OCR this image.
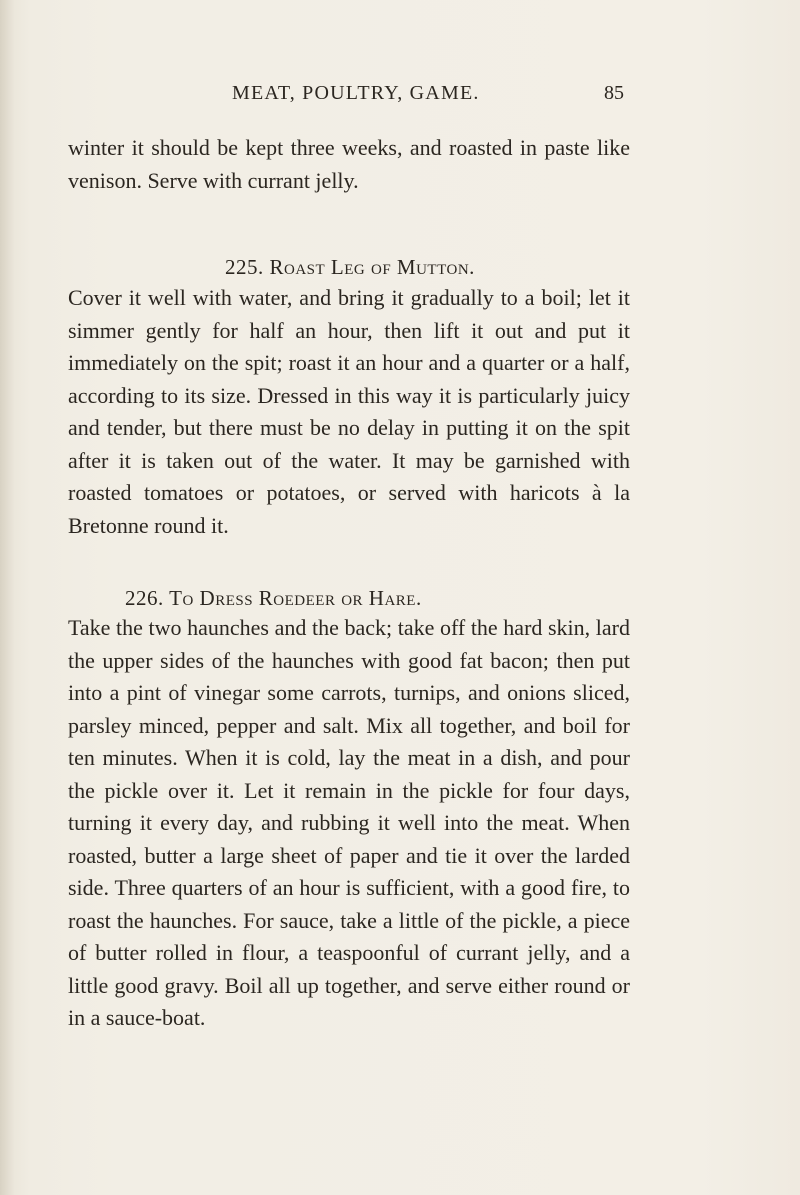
MEAT, POULTRY, GAME.	85

winter it should be kept three weeks, and roasted in paste like venison. Serve with currant jelly.

225. Roast Leg of Mutton.

Cover it well with water, and bring it gradually to a boil; let it simmer gently for half an hour, then lift it out and put it immediately on the spit; roast it an hour and a quarter or a half, according to its size. Dressed in this way it is particularly juicy and tender, but there must be no delay in putting it on the spit after it is taken out of the water. It may be garnished with roasted tomatoes or potatoes, or served with haricots à la Bretonne round it.

226. To Dress Roedeer or Hare.

Take the two haunches and the back; take off the hard skin, lard the upper sides of the haunches with good fat bacon; then put into a pint of vinegar some carrots, turnips, and onions sliced, parsley minced, pepper and salt. Mix all together, and boil for ten minutes. When it is cold, lay the meat in a dish, and pour the pickle over it. Let it remain in the pickle for four days, turning it every day, and rubbing it well into the meat. When roasted, butter a large sheet of paper and tie it over the larded side. Three quarters of an hour is sufficient, with a good fire, to roast the haunches. For sauce, take a little of the pickle, a piece of butter rolled in flour, a teaspoonful of currant jelly, and a little good gravy. Boil all up together, and serve either round or in a sauce-boat.
